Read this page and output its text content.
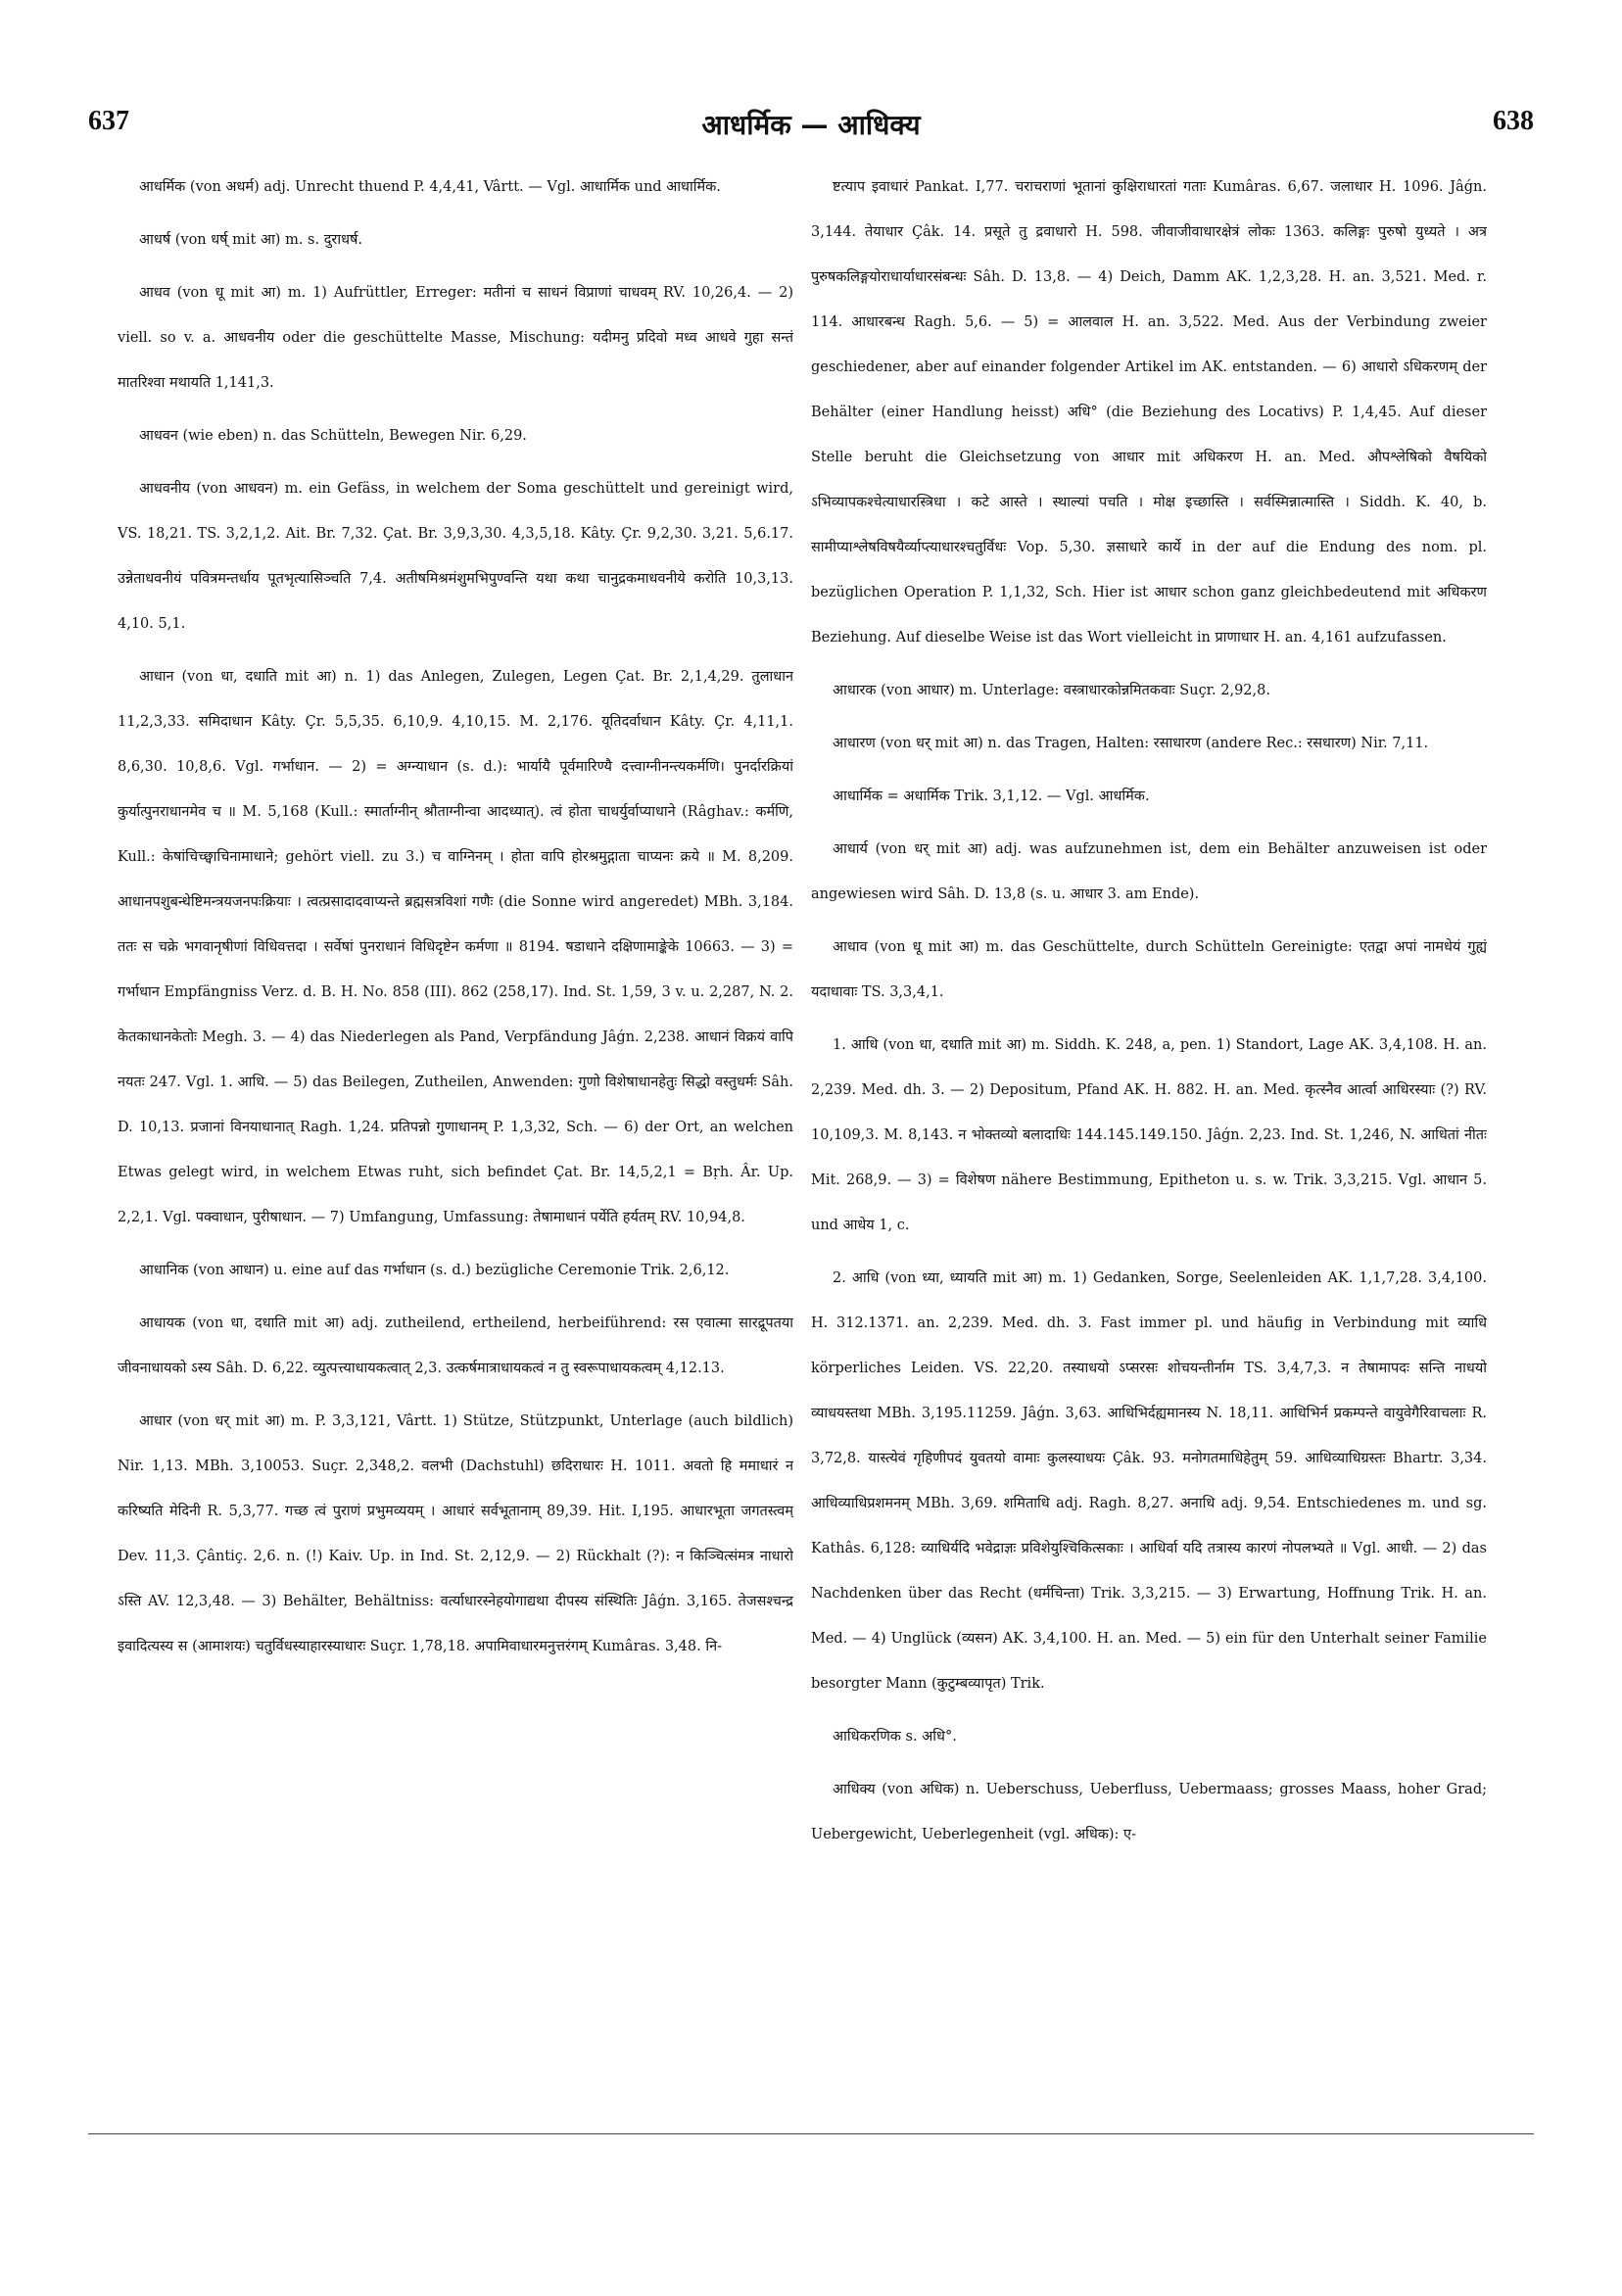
637	आधर्मिक — आधिक्य	638

आधर्मिक (von अधर्म) adj. Unrecht thuend P. 4,4,41, Vârtt. — Vgl. आधार्मिक und आधार्मिक.

आधर्ष (von धर्ष् mit आ) m. s. दुराधर्ष.

आधव (von धू mit आ) m. 1) Aufrüttler, Erreger: मतीनां च साधनं विप्राणां चाधवम् RV. 10,26,4. — 2) viell. so v. a. आधवनीय oder die geschüttelte Masse, Mischung: यदीमनु प्रदिवो मध्व आधवे गुहा सन्तं मातरिश्वा मथायति 1,141,3.

आधवन (wie eben) n. das Schütteln, Bewegen Nir. 6,29.

आधवनीय (von आधवन) m. ein Gefäss, in welchem der Soma geschüttelt und gereinigt wird, VS. 18,21. TS. 3,2,1,2. Ait. Br. 7,32. Çat. Br. 3,9,3,30. 4,3,5,18. Kâty. Çr. 9,2,30. 3,21. 5,6.17. उन्नेताधवनीयं पवित्रमन्तर्धाय पूतभृत्यासिञ्चति 7,4. अतीषमिश्रमंशुमभिपुण्वन्ति यथा कथा चानुद्रकमाधवनीये करोति 10,3,13. 4,10. 5,1.

आधान (von धा, दधाति mit आ) n. 1) das Anlegen, Zulegen, Legen Çat. Br. 2,1,4,29. तुलाधान 11,2,3,33. समिदाधान Kâty. Çr. 5,5,35. 6,10,9. 4,10,15. M. 2,176. यूतिदर्वाधान Kâty. Çr. 4,11,1. 8,6,30. 10,8,6. Vgl. गर्भाधान. — 2) = अग्न्याधान (s. d.): भार्यायै पूर्वमारिण्यै दत्त्वाग्नीनन्त्यकर्मणि। पुनर्दारक्रियां कुर्यात्पुनराधानमेव च ॥ M. 5,168 (Kull.: स्मार्ताग्नीन् श्रौताग्नीन्वा आदध्यात्). त्वं होता चाधर्युर्वाप्याधाने (Râghav.: कर्मणि, Kull.: केषांचिच्छ्वाचिनामाधाने; gehört viell. zu 3.) च वाग्निनम् । होता वापि होरश्रमुद्गाता चाप्यनः क्रये ॥ M. 8,209. आधानपशुबन्धेष्टिमन्त्रयजनपःक्रियाः । त्वत्प्रसादादवाप्यन्ते ब्रह्मसत्रविशां गणैः (die Sonne wird angeredet) MBh. 3,184. ततः स चक्रे भगवानृषीणां विधिवत्तदा । सर्वेषां पुनराधानं विधिदृष्टेन कर्मणा ॥ 8194. षडाधाने दक्षिणामाङ्केके 10663. — 3) = गर्भाधान Empfängniss Verz. d. B. H. No. 858 (III). 862 (258,17). Ind. St. 1,59, 3 v. u. 2,287, N. 2. केतकाधानकेतोः Megh. 3. — 4) das Niederlegen als Pand, Verpfändung Jâǵn. 2,238. आधानं विक्रयं वापि नयतः 247. Vgl. 1. आधि. — 5) das Beilegen, Zutheilen, Anwenden: गुणो विशेषाधानहेतुः सिद्धो वस्तुधर्मः Sâh. D. 10,13. प्रजानां विनयाधानात् Ragh. 1,24. प्रतिपन्नो गुणाधानम् P. 1,3,32, Sch. — 6) der Ort, an welchen Etwas gelegt wird, in welchem Etwas ruht, sich befindet Çat. Br. 14,5,2,1 = Bṛh. Âr. Up. 2,2,1. Vgl. पक्वाधान, पुरीषाधान. — 7) Umfangung, Umfassung: तेषामाधानं पर्येति हर्यतम् RV. 10,94,8.

आधानिक (von आधान) u. eine auf das गर्भाधान (s. d.) bezügliche Ceremonie Trik. 2,6,12.

आधायक (von धा, दधाति mit आ) adj. zutheilend, ertheilend, herbeiführend: रस एवात्मा सारद्रूपतया जीवनाधायको ऽस्य Sâh. D. 6,22. व्युत्पत्त्याधायकत्वात् 2,3. उत्कर्षमात्राधायकत्वं न तु स्वरूपाधायकत्वम् 4,12.13.

आधार (von धर् mit आ) m. P. 3,3,121, Vârtt. 1) Stütze, Stützpunkt, Unterlage (auch bildlich) Nir. 1,13. MBh. 3,10053. Suçr. 2,348,2. वलभी (Dachstuhl) छदिराधारः H. 1011. अवतो हि ममाधारं न करिष्यति मेदिनी R. 5,3,77. गच्छ त्वं पुराणं प्रभुमव्ययम् । आधारं सर्वभूतानाम् 89,39. Hit. I,195. आधारभूता जगतस्त्वम् Dev. 11,3. Çântiç. 2,6. n. (!) Kaiv. Up. in Ind. St. 2,12,9. — 2) Rückhalt (?): न किञ्चित्संमत्र नाधारो ऽस्ति AV. 12,3,48. — 3) Behälter, Behältniss: वर्त्याधारस्नेहयोगाद्यथा दीपस्य संस्थितिः Jâǵn. 3,165. तेजसश्चन्द्र इवादित्यस्य स (आमाशयः) चतुर्विधस्याहारस्याधारः Suçr. 1,78,18. अपामिवाधारमनुत्तरंगम् Kumâras. 3,48. नि-

ष्टत्याप इवाधारं Pankat. I,77. चराचराणां भूतानां कुक्षिराधारतां गताः Kumâras. 6,67. जलाधार H. 1096. Jâǵn. 3,144. तेयाधार Çâk. 14. प्रसूते तु द्रवाधारो H. 598. जीवाजीवाधारक्षेत्रं लोकः 1363. कलिङ्गः पुरुषो युध्यते । अत्र पुरुषकलिङ्गयोराधार्याधारसंबन्धः Sâh. D. 13,8. — 4) Deich, Damm AK. 1,2,3,28. H. an. 3,521. Med. r. 114. आधारबन्ध Ragh. 5,6. — 5) = आलवाल H. an. 3,522. Med. Aus der Verbindung zweier geschiedener, aber auf einander folgender Artikel im AK. entstanden. — 6) आधारो ऽधिकरणम् der Behälter (einer Handlung heisst) अधि° (die Beziehung des Locativs) P. 1,4,45. Auf dieser Stelle beruht die Gleichsetzung von आधार mit अधिकरण H. an. Med. औपश्लेषिको वैषयिको ऽभिव्यापकश्चेत्याधारस्त्रिधा । कटे आस्ते । स्थाल्यां पचति । मोक्ष इच्छास्ति । सर्वस्मिन्नात्मास्ति । Siddh. K. 40, b. सामीप्याश्लेषविषयैर्व्याप्त्याधारश्चतुर्विधः Vop. 5,30. ज्ञसाधारे कार्ये in der auf die Endung des nom. pl. bezüglichen Operation P. 1,1,32, Sch. Hier ist आधार schon ganz gleichbedeutend mit अधिकरण Beziehung. Auf dieselbe Weise ist das Wort vielleicht in प्राणाधार H. an. 4,161 aufzufassen.

आधारक (von आधार) m. Unterlage: वस्त्राधारकोन्नमितकवाः Suçr. 2,92,8.

आधारण (von धर् mit आ) n. das Tragen, Halten: रसाधारण (andere Rec.: रसधारण) Nir. 7,11.

आधार्मिक = अधार्मिक Trik. 3,1,12. — Vgl. आधर्मिक.

आधार्य (von धर् mit आ) adj. was aufzunehmen ist, dem ein Behälter anzuweisen ist oder angewiesen wird Sâh. D. 13,8 (s. u. आधार 3. am Ende).

आधाव (von धू mit आ) m. das Geschüttelte, durch Schütteln Gereinigte: एतद्वा अपां नामधेयं गुह्यं यदाधावाः TS. 3,3,4,1.

1. आधि (von धा, दधाति mit आ) m. Siddh. K. 248, a, pen. 1) Standort, Lage AK. 3,4,108. H. an. 2,239. Med. dh. 3. — 2) Depositum, Pfand AK. H. 882. H. an. Med. कृत्स्नैव आर्त्वा आधिरस्याः (?) RV. 10,109,3. M. 8,143. न भोक्तव्यो बलादाधिः 144.145.149.150. Jâǵn. 2,23. Ind. St. 1,246, N. आधितां नीतः Mit. 268,9. — 3) = विशेषण nähere Bestimmung, Epitheton u. s. w. Trik. 3,3,215. Vgl. आधान 5. und आधेय 1, c.

2. आधि (von ध्या, ध्यायति mit आ) m. 1) Gedanken, Sorge, Seelenleiden AK. 1,1,7,28. 3,4,100. H. 312.1371. an. 2,239. Med. dh. 3. Fast immer pl. und häufig in Verbindung mit व्याधि körperliches Leiden. VS. 22,20. तस्याधयो ऽप्सरसः शोचयन्तीर्नाम TS. 3,4,7,3. न तेषामापदः सन्ति नाधयो व्याधयस्तथा MBh. 3,195.11259. Jâǵn. 3,63. आधिभिर्दह्यमानस्य N. 18,11. आधिभिर्न प्रकम्पन्ते वायुवेगैरिवाचलाः R. 3,72,8. यास्त्येवं गृहिणीपदं युवतयो वामाः कुलस्याधयः Çâk. 93. मनोगतमाधिहेतुम् 59. आधिव्याधिग्रस्तः Bhartr. 3,34. आधिव्याधिप्रशमनम् MBh. 3,69. शमिताधि adj. Ragh. 8,27. अनाधि adj. 9,54. Entschiedenes m. und sg. Kathâs. 6,128: व्याधिर्यदि भवेद्राज्ञः प्रविशेयुश्चिकित्सकाः । आधिर्वा यदि तत्रास्य कारणं नोपलभ्यते ॥ Vgl. आधी. — 2) das Nachdenken über das Recht (धर्मचिन्ता) Trik. 3,3,215. — 3) Erwartung, Hoffnung Trik. H. an. Med. — 4) Unglück (व्यसन) AK. 3,4,100. H. an. Med. — 5) ein für den Unterhalt seiner Familie besorgter Mann (कुटुम्बव्यापृत) Trik.

आधिकरणिक s. अधि°.

आधिक्य (von अधिक) n. Ueberschuss, Ueberfluss, Uebermaass; grosses Maass, hoher Grad; Uebergewicht, Ueberlegenheit (vgl. अधिक): ए-
